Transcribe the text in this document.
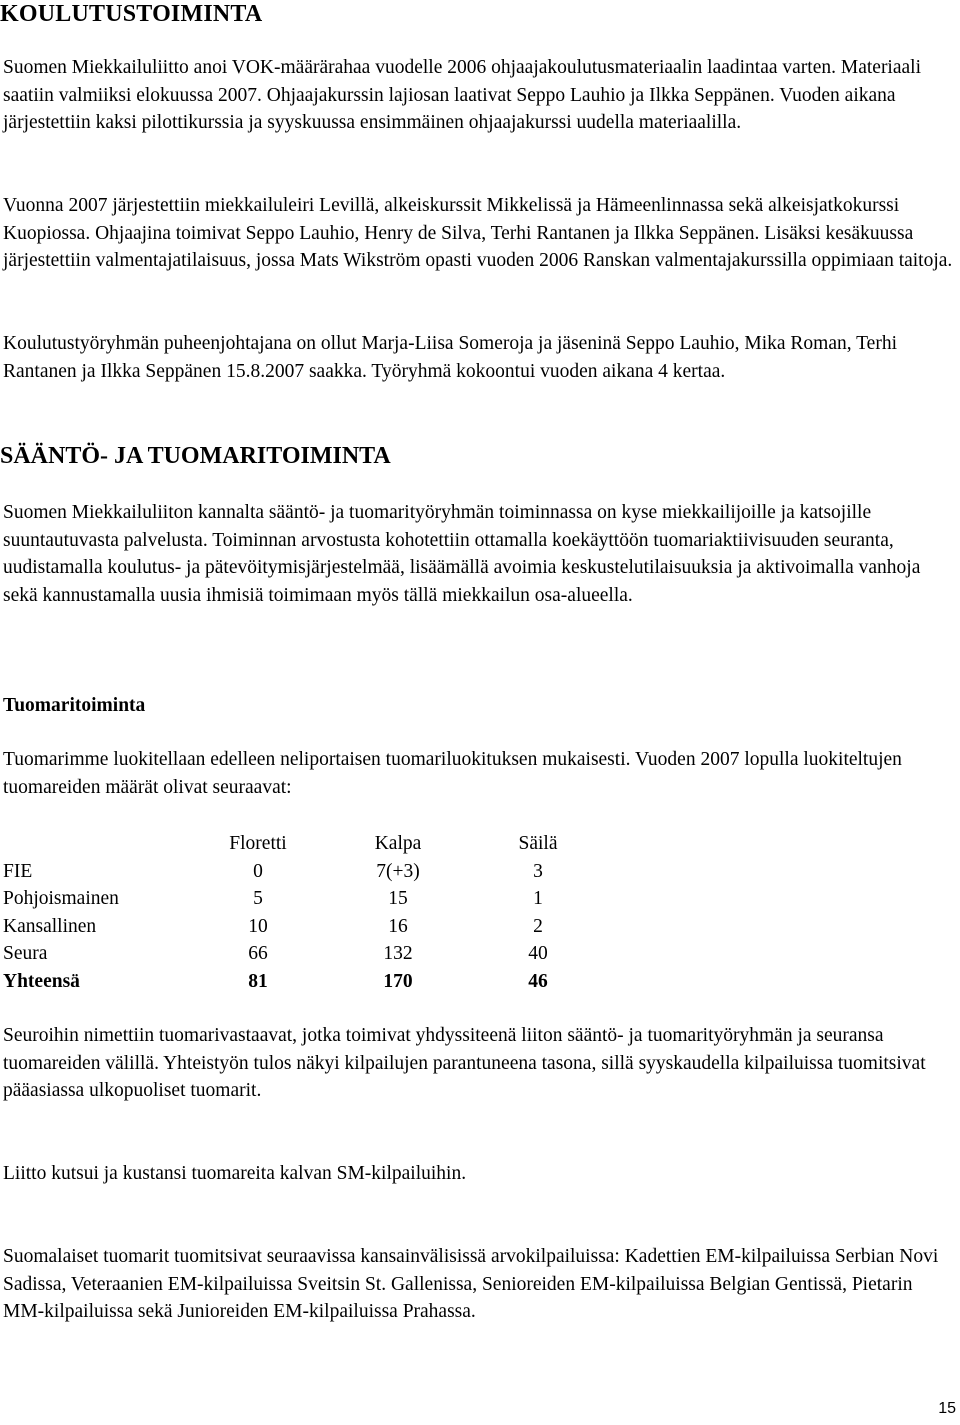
KOULUTUSTOIMINTA

Suomen Miekkailuliitto anoi VOK-määrärahaa vuodelle 2006 ohjaajakoulutusmateriaalin laadintaa varten. Materiaali saatiin valmiiksi elokuussa 2007. Ohjaajakurssin lajiosan laativat Seppo Lauhio ja Ilkka Seppänen. Vuoden aikana järjestettiin kaksi pilottikurssia ja syyskuussa ensimmäinen ohjaajakurssi uudella materiaalilla.

Vuonna 2007 järjestettiin miekkailuleiri Levillä, alkeiskurssit Mikkelissä ja Hämeenlinnassa sekä alkeisjatkokurssi Kuopiossa. Ohjaajina toimivat Seppo Lauhio, Henry de Silva, Terhi Rantanen ja Ilkka Seppänen. Lisäksi kesäkuussa järjestettiin valmentajatilaisuus, jossa Mats Wikström opasti vuoden 2006 Ranskan valmentajakurssilla oppimiaan taitoja.

Koulutustyöryhmän puheenjohtajana on ollut Marja-Liisa Someroja ja jäseninä Seppo Lauhio, Mika Roman, Terhi Rantanen ja Ilkka Seppänen 15.8.2007 saakka. Työryhmä kokoontui vuoden aikana 4 kertaa.

SÄÄNTÖ- JA TUOMARITOIMINTA

Suomen Miekkailuliiton kannalta sääntö- ja tuomarityöryhmän toiminnassa on kyse miekkailijoille ja katsojille suuntautuvasta palvelusta. Toiminnan arvostusta kohotettiin ottamalla koekäyttöön tuomariaktiivisuuden seuranta, uudistamalla koulutus- ja pätevöitymisjärjestelmää, lisäämällä avoimia keskustelutilaisuuksia ja aktivoimalla vanhoja sekä kannustamalla uusia ihmisiä toimimaan myös tällä miekkailun osa-alueella.

Tuomaritoiminta

Tuomarimme luokitellaan edelleen neliportaisen tuomariluokituksen mukaisesti. Vuoden 2007 lopulla luokiteltujen tuomareiden määrät olivat seuraavat:

	Floretti	Kalpa	Säilä
FIE	0	7(+3)	3
Pohjoismainen	5	15	1
Kansallinen	10	16	2
Seura	66	132	40
Yhteensä	81	170	46

Seuroihin nimettiin tuomarivastaavat, jotka toimivat yhdyssiteenä liiton sääntö- ja tuomarityöryhmän ja seuransa tuomareiden välillä. Yhteistyön tulos näkyi kilpailujen parantuneena tasona, sillä syyskaudella kilpailuissa tuomitsivat pääasiassa ulkopuoliset tuomarit.

Liitto kutsui ja kustansi tuomareita kalvan SM-kilpailuihin.

Suomalaiset tuomarit tuomitsivat seuraavissa kansainvälisissä arvokilpailuissa: Kadettien EM-kilpailuissa Serbian Novi Sadissa, Veteraanien EM-kilpailuissa Sveitsin St. Gallenissa, Senioreiden EM-kilpailuissa Belgian Gentissä, Pietarin MM-kilpailuissa sekä Junioreiden EM-kilpailuissa Prahassa.

15
